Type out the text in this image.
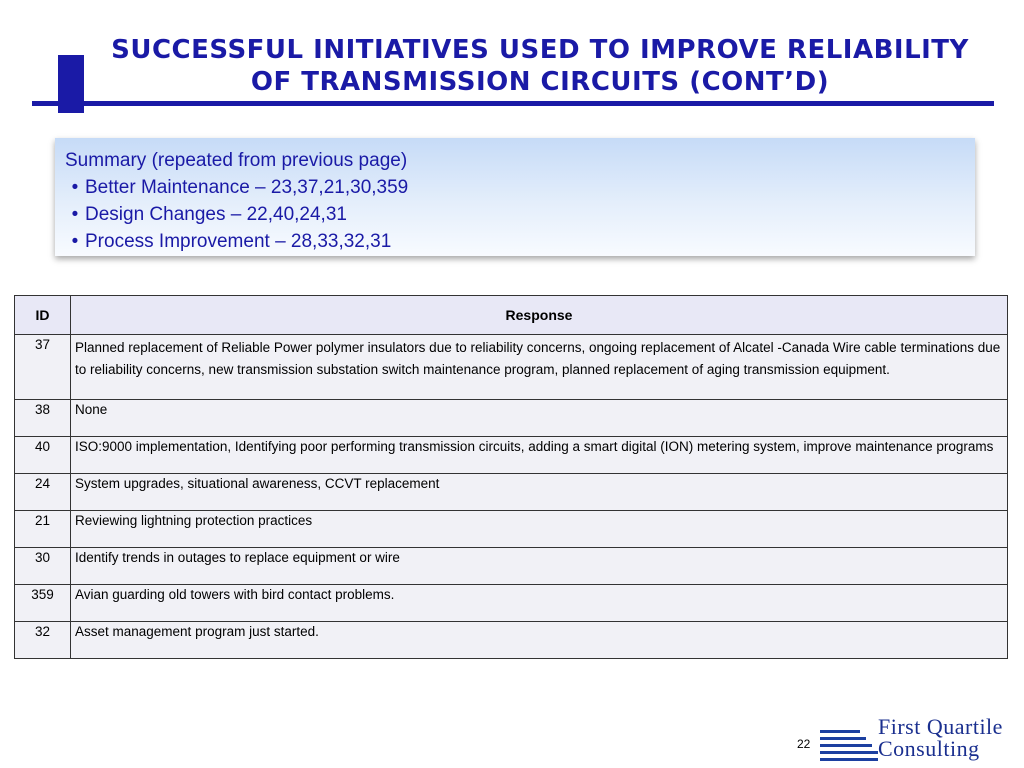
SUCCESSFUL INITIATIVES USED TO IMPROVE RELIABILITY
OF TRANSMISSION CIRCUITS (CONT’D)
Summary (repeated from previous page)
• Better Maintenance – 23,37,21,30,359
• Design Changes – 22,40,24,31
• Process Improvement – 28,33,32,31
ID	Response
37	Planned replacement of Reliable Power polymer insulators due to reliability concerns, ongoing replacement of Alcatel -Canada Wire cable terminations due to reliability concerns, new transmission substation switch maintenance program, planned replacement of aging transmission equipment.
38	None
40	ISO:9000 implementation, Identifying poor performing transmission circuits, adding a smart digital (ION) metering system, improve maintenance programs
24	System upgrades, situational awareness, CCVT replacement
21	Reviewing lightning protection practices
30	Identify trends in outages to replace equipment or wire
359	Avian guarding old towers with bird contact problems.
32	Asset management program just started.
22
First Quartile
Consulting
